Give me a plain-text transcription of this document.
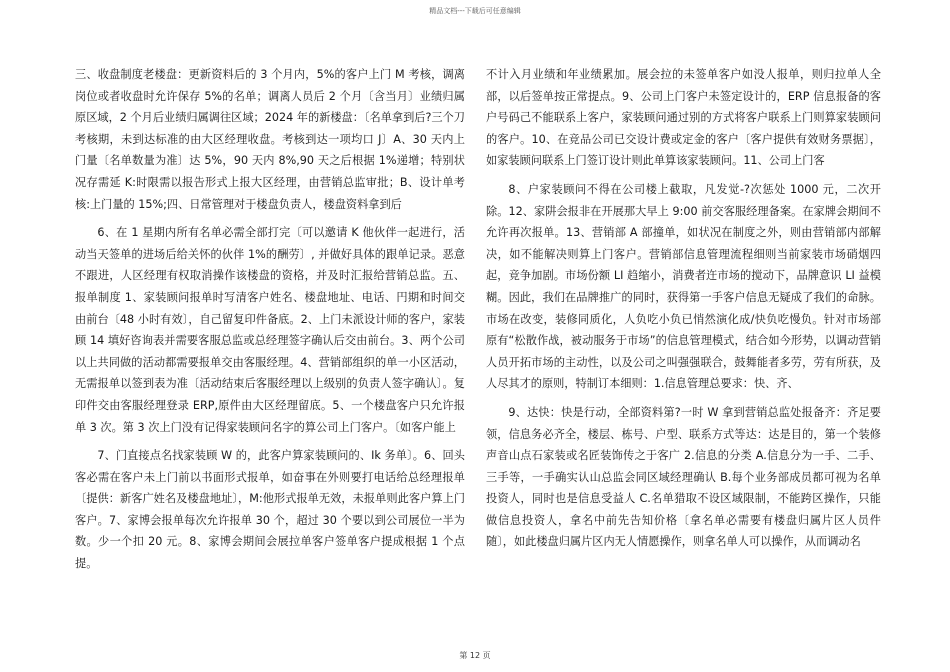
精品文档---下载后可任意编辑

三、收盘制度老楼盘：更新资料后的 3 个月内，5%的客户上门 M 考核，调离岗位或者收盘时允许保存 5%的名单；调离人员后 2 个月〔含当月〕业绩归属原区域，2 个月后业绩归属调往区域；2024 年的新楼盘：〔名单拿到后?三个刀考核期，未到达标准的由大区经理收盘。考核到达一项均口 J〕A、30 天内上门量〔名单数量为准〕达 5%，90 天内 8%,90 天之后根据 1%递增；特别状况存需延 K:时限需以报告形式上报大区经理，由营销总监审批；B、设计单考核:上门量的 15%;四、日常管理对于楼盘负责人，楼盘资料拿到后

6、在 1 星期内所有名单必需全部打完〔可以邀请 K 他伙伴一起进行，活动当天签单的进场后给关怀的伙伴 1%的酬劳〕, 并做好具体的跟单记录。恶意不跟进，人区经理有权取消操作该楼盘的资格，并及时汇报给营销总监。五、报单制度 1、家装顾问报单时写清客户姓名、楼盘地址、电话、円期和时间交由前台〔48 小时有效〕，自己留复印件备底。2、上门未派设计师的客户，家装顾 14 填好咨询表并需要客服总监或总经理签字确认后交由前台。3、两个公司以上共同做的活动都需要报单交由客服经理。4、营销部组织的单一小区活动，无需报单以签到表为准〔活动结束后客服经理以上级别的负责人签字确认〕。复印件交由客服经理登录 ERP,原件由大区经理留底。5、一个楼盘客户只允许报单 3 次。第 3 次上门没有记得家装顾问名字的算公司上门客户。〔如客户能上

7、门直接点名找家装顾 W 的，此客户算家装顾问的、Ik 务单〕。6、回头客必需在客户未上门前以书面形式报单，如奋事在外则要打电话给总经理报单〔提供：新客广姓名及楼盘地址〕，M:他形式报单无效，未报单则此客户算上门客户。7、家博会报单每次允许报单 30 个，超过 30 个要以到公司展位一半为数。少一个扣 20 元。8、家博会期间会展拉单客户签单客户提成根据 1 个点提。

不计入月业绩和年业绩累加。展会拉的未签单客户如没人报单，则归拉单人全部，以后签单按正常提点。9、公司上门客户未签定设计的，ERP 信息报备的客户号码己不能联系上客户，家装顾问通过别的方式将客户联系上门则算家装顾问的客户。10、在竞品公司已交设计费或定金的客户〔客户提供有效财务票据〕，如家装顾问联系上门签订设计则此单算该家装顾问。11、公司上门客

8、户家装顾问不得在公司楼上截取，凡发觉-?次惩处 1000 元，二次开除。12、家阱会报非在开展那大早上 9:00 前交客服经理备案。在家牌会期间不允许再次报单。13、营销部 A 部撞单，如状况在制度之外，则由营销部内部解决，如不能解决则算上门客户。营销部信息管理流程细则当前家装市场硝烟四起，竞争加剧。市场份额 LI 趋缩小，消费者迕市场的搅动下，品牌意识 LI 益模糊。因此，我们在品牌推广的同时，获得第一手客户信息无疑成了我们的命脉。市场在改变，装修同质化，人负吃小负已悄然演化成/快负吃慢负。针对市场部原有“松散作战，被动服务于市场”的信息管理模式，结合如今形势，以调动营销人员开拓市场的主动性，以及公司之叫强强联合，鼓舞能者多劳，劳有所获，及人尽其才的原则，特制订本细则：1.信息管理总要求：快、齐、

9、达快：快是行动，全部资料第?一时 W 拿到营销总监处报备齐：齐足要领，信息务必齐全，楼层、栋号、户型、联系方式等达：达是目的，第一个装修声音山点石家装或名匠装饰传之于客广 2.信息的分类 A.信息分为一手、二手、三手等，一手确实认山总监会同区域经理确认 B.每个业务部成员都可视为名单投资人，同时也是信息受益人 C.名单猎取不设区域限制，不能跨区操作，只能做信息投资人，拿名中前先告知价格〔拿名单必需要有楼盘归属片区人员件随〕，如此楼盘归属片区内无人情愿操作，则拿名单人可以操作，从而调动名

第 12 页
